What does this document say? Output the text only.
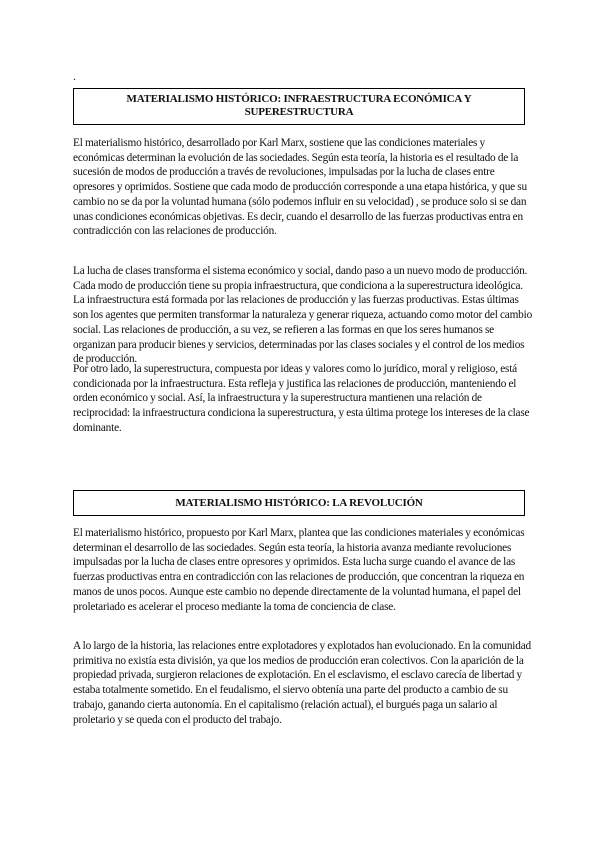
.
MATERIALISMO HISTÓRICO: INFRAESTRUCTURA ECONÓMICA Y
SUPERESTRUCTURA

El materialismo histórico, desarrollado por Karl Marx, sostiene que las condiciones materiales y económicas determinan la evolución de las sociedades. Según esta teoría, la historia es el resultado de la sucesión de modos de producción a través de revoluciones, impulsadas por la lucha de clases entre opresores y oprimidos. Sostiene que cada modo de producción corresponde a una etapa histórica, y que su cambio no se da por la voluntad humana (sólo podemos influir en su velocidad) , se produce solo si se dan unas condiciones económicas objetivas. Es decir, cuando el desarrollo de las fuerzas productivas entra en contradicción con las relaciones de producción.

La lucha de clases transforma el sistema económico y social, dando paso a un nuevo modo de producción. Cada modo de producción tiene su propia infraestructura, que condiciona a la superestructura ideológica. La infraestructura está formada por las relaciones de producción y las fuerzas productivas. Estas últimas son los agentes que permiten transformar la naturaleza y generar riqueza, actuando como motor del cambio social. Las relaciones de producción, a su vez, se refieren a las formas en que los seres humanos se organizan para producir bienes y servicios, determinadas por las clases sociales y el control de los medios de producción.

Por otro lado, la superestructura, compuesta por ideas y valores como lo jurídico, moral y religioso, está condicionada por la infraestructura. Esta refleja y justifica las relaciones de producción, manteniendo el orden económico y social. Así, la infraestructura y la superestructura mantienen una relación de reciprocidad: la infraestructura condiciona la superestructura, y esta última protege los intereses de la clase dominante.

MATERIALISMO HISTÓRICO: LA REVOLUCIÓN

El materialismo histórico, propuesto por Karl Marx, plantea que las condiciones materiales y económicas determinan el desarrollo de las sociedades. Según esta teoría, la historia avanza mediante revoluciones impulsadas por la lucha de clases entre opresores y oprimidos. Esta lucha surge cuando el avance de las fuerzas productivas entra en contradicción con las relaciones de producción, que concentran la riqueza en manos de unos pocos. Aunque este cambio no depende directamente de la voluntad humana, el papel del proletariado es acelerar el proceso mediante la toma de conciencia de clase.

A lo largo de la historia, las relaciones entre explotadores y explotados han evolucionado. En la comunidad primitiva no existía esta división, ya que los medios de producción eran colectivos. Con la aparición de la propiedad privada, surgieron relaciones de explotación. En el esclavismo, el esclavo carecía de libertad y estaba totalmente sometido. En el feudalismo, el siervo obtenía una parte del producto a cambio de su trabajo, ganando cierta autonomía. En el capitalismo (relación actual), el burgués paga un salario al proletario y se queda con el producto del trabajo.
